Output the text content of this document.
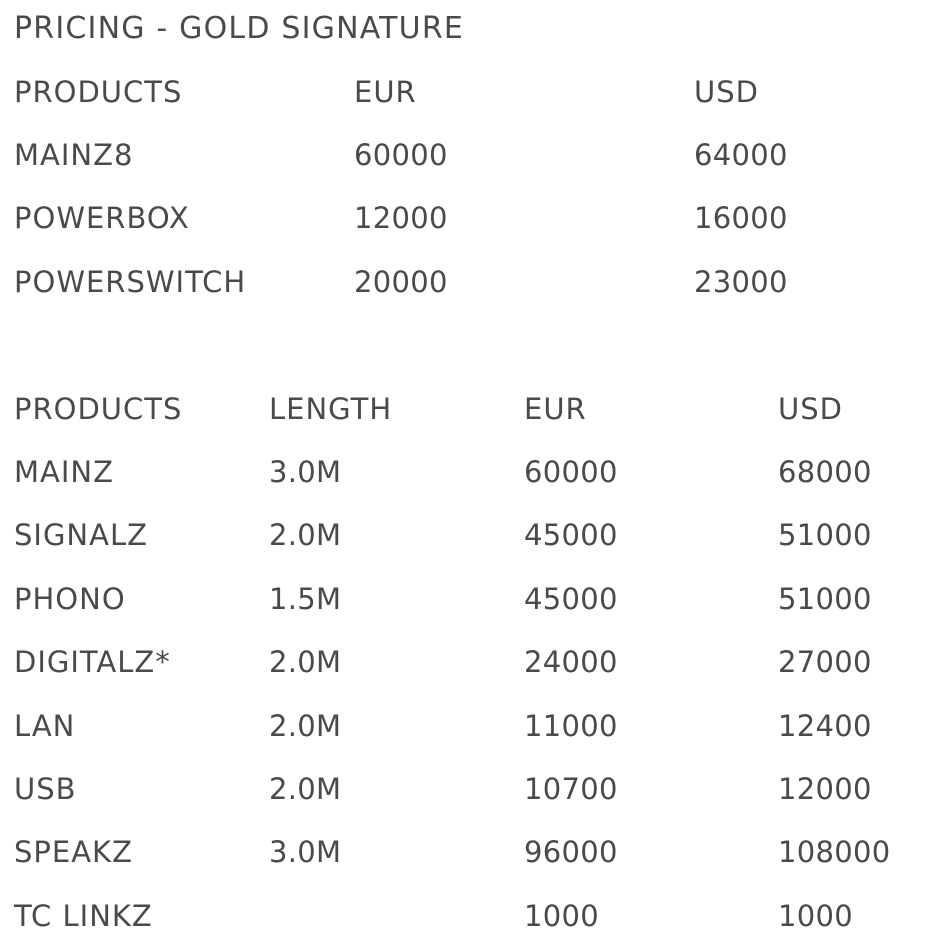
PRICING - GOLD SIGNATURE
PRODUCTS	EUR	USD
MAINZ8	60000	64000
POWERBOX	12000	16000
POWERSWITCH	20000	23000
PRODUCTS	LENGTH	EUR	USD
MAINZ	3.0M	60000	68000
SIGNALZ	2.0M	45000	51000
PHONO	1.5M	45000	51000
DIGITALZ*	2.0M	24000	27000
LAN	2.0M	11000	12400
USB	2.0M	10700	12000
SPEAKZ	3.0M	96000	108000
TC LINKZ		1000	1000
